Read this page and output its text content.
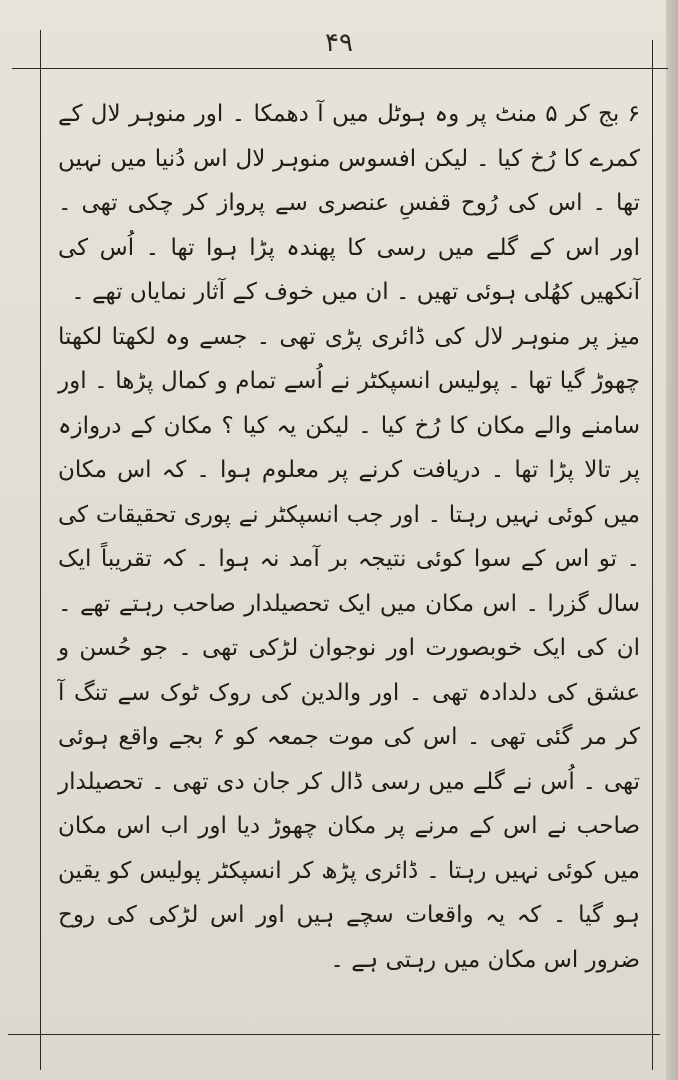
۴۹

۶ بج کر ۵ منٹ پر وہ ہوٹل میں آ دھمکا ۔ اور منوہر لال کے کمرے کا رُخ کیا ۔ لیکن افسوس منوہر لال اس دُنیا میں نہیں تھا ۔ اس کی رُوح قفسِ عنصری سے پرواز کر چکی تھی ۔ اور اس کے گلے میں رسی کا پھندہ پڑا ہوا تھا ۔ اُس کی آنکھیں کھُلی ہوئی تھیں ۔ ان میں خوف کے آثار نمایاں تھے ۔

میز پر منوہر لال کی ڈائری پڑی تھی ۔ جسے وہ لکھتا لکھتا چھوڑ گیا تھا ۔ پولیس انسپکٹر نے اُسے تمام و کمال پڑھا ۔ اور سامنے والے مکان کا رُخ کیا ۔ لیکن یہ کیا ؟ مکان کے دروازہ پر تالا پڑا تھا ۔ دریافت کرنے پر معلوم ہوا ۔ کہ اس مکان میں کوئی نہیں رہتا ۔ اور جب انسپکٹر نے پوری تحقیقات کی ۔ تو اس کے سوا کوئی نتیجہ بر آمد نہ ہوا ۔ کہ تقریباً ایک سال گزرا ۔ اس مکان میں ایک تحصیلدار صاحب رہتے تھے ۔ ان کی ایک خوبصورت اور نوجوان لڑکی تھی ۔ جو حُسن و عشق کی دلدادہ تھی ۔ اور والدین کی روک ٹوک سے تنگ آ کر مر گئی تھی ۔ اس کی موت جمعہ کو ۶ بجے واقع ہوئی تھی ۔ اُس نے گلے میں رسی ڈال کر جان دی تھی ۔ تحصیلدار صاحب نے اس کے مرنے پر مکان چھوڑ دیا اور اب اس مکان میں کوئی نہیں رہتا ۔ ڈائری پڑھ کر انسپکٹر پولیس کو یقین ہو گیا ۔ کہ یہ واقعات سچے ہیں اور اس لڑکی کی روح ضرور اس مکان میں رہتی ہے ۔
